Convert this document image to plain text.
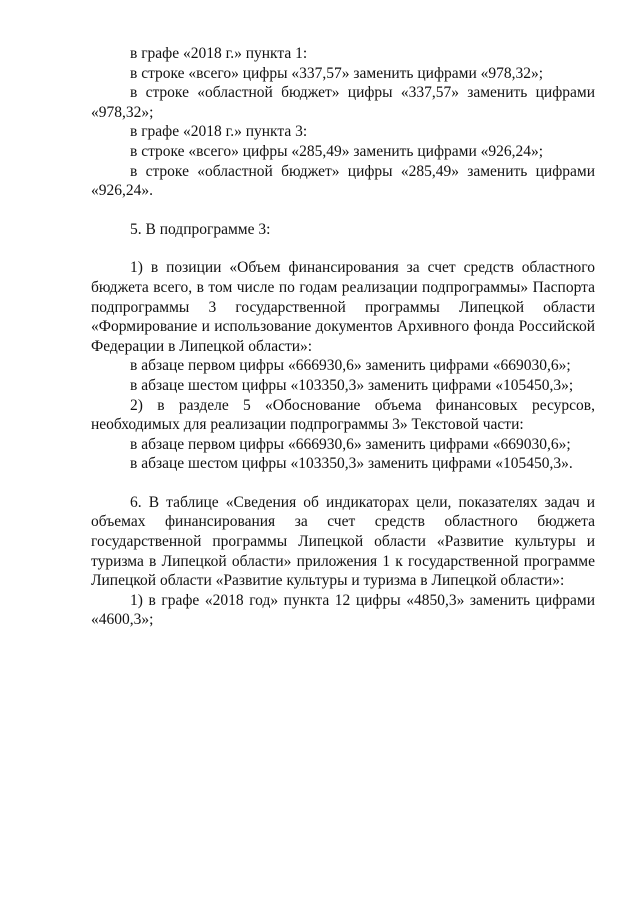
в графе «2018 г.» пункта 1:

в строке «всего» цифры «337,57» заменить цифрами «978,32»;

в строке «областной бюджет» цифры «337,57» заменить цифрами «978,32»;

в графе «2018 г.» пункта 3:

в строке «всего» цифры «285,49» заменить цифрами «926,24»;

в строке «областной бюджет» цифры «285,49» заменить цифрами «926,24».

5. В подпрограмме 3:

1) в позиции «Объем финансирования за счет средств областного бюджета всего, в том числе по годам реализации подпрограммы» Паспорта подпрограммы 3 государственной программы Липецкой области «Формирование и использование документов Архивного фонда Российской Федерации в Липецкой области»:

в абзаце первом цифры «666930,6» заменить цифрами «669030,6»;

в абзаце шестом цифры «103350,3» заменить цифрами «105450,3»;

2) в разделе 5 «Обоснование объема финансовых ресурсов, необходимых для реализации подпрограммы 3» Текстовой части:

в абзаце первом цифры «666930,6» заменить цифрами «669030,6»;

в абзаце шестом цифры «103350,3» заменить цифрами «105450,3».

6. В таблице «Сведения об индикаторах цели, показателях задач и объемах финансирования за счет средств областного бюджета государственной программы Липецкой области «Развитие культуры и туризма в Липецкой области» приложения 1 к государственной программе Липецкой области «Развитие культуры и туризма в Липецкой области»:

1) в графе «2018 год» пункта 12 цифры «4850,3» заменить цифрами «4600,3»;
